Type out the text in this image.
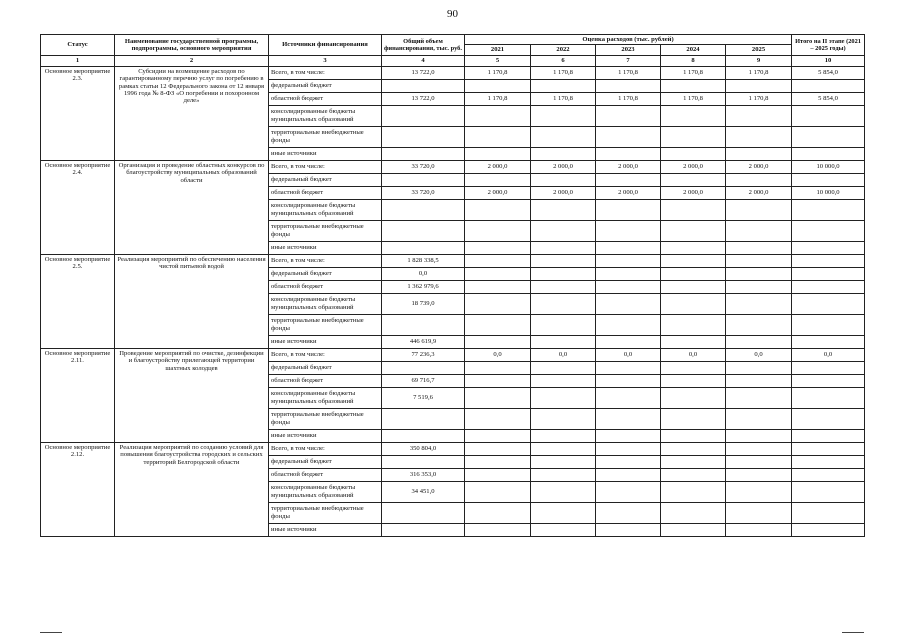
90
Статус	Наименование государственной программы, подпрограммы, основного мероприятия	Источники финансирования	Общий объем финансирования, тыс. руб.	Оценка расходов (тыс. рублей)					Итого на II этапе (2021 – 2025 годы)
				2021	2022	2023	2024	2025	
1	2	3	4	5	6	7	8	9	10
Основное мероприятие 2.3.	Субсидии на возмещение расходов по гарантированному перечню услуг по погребению в рамках статьи 12 Федерального закона от 12 января 1996 года № 8-ФЗ «О погребении и похоронном деле»	Всего, в том числе:	13 722,0	1 170,8	1 170,8	1 170,8	1 170,8	1 170,8	5 854,0
		федеральный бюджет							
		областной бюджет	13 722,0	1 170,8	1 170,8	1 170,8	1 170,8	1 170,8	5 854,0
		консолидированные бюджеты муниципальных образований							
		территориальные внебюджетные фонды							
		иные источники							
Основное мероприятие 2.4.	Организация и проведение областных конкурсов по благоустройству муниципальных образований области	Всего, в том числе:	33 720,0	2 000,0	2 000,0	2 000,0	2 000,0	2 000,0	10 000,0
		федеральный бюджет							
		областной бюджет	33 720,0	2 000,0	2 000,0	2 000,0	2 000,0	2 000,0	10 000,0
		консолидированные бюджеты муниципальных образований							
		территориальные внебюджетные фонды							
		иные источники							
Основное мероприятие 2.5.	Реализация мероприятий по обеспечению населения чистой питьевой водой	Всего, в том числе:	1 828 338,5						
		федеральный бюджет	0,0						
		областной бюджет	1 362 979,6						
		консолидированные бюджеты муниципальных образований	18 739,0						
		территориальные внебюджетные фонды							
		иные источники	446 619,9						
Основное мероприятие 2.11.	Проведение мероприятий по очистке, дезинфекции и благоустройству прилегающей территории шахтных колодцев	Всего, в том числе:	77 236,3	0,0	0,0	0,0	0,0	0,0	0,0
		федеральный бюджет							
		областной бюджет	69 716,7						
		консолидированные бюджеты муниципальных образований	7 519,6						
		территориальные внебюджетные фонды							
		иные источники							
Основное мероприятие 2.12.	Реализация мероприятий по созданию условий для повышения благоустройства городских и сельских территорий Белгородской области	Всего, в том числе:	350 804,0						
		федеральный бюджет							
		областной бюджет	316 353,0						
		консолидированные бюджеты муниципальных образований	34 451,0						
		территориальные внебюджетные фонды							
		иные источники							
